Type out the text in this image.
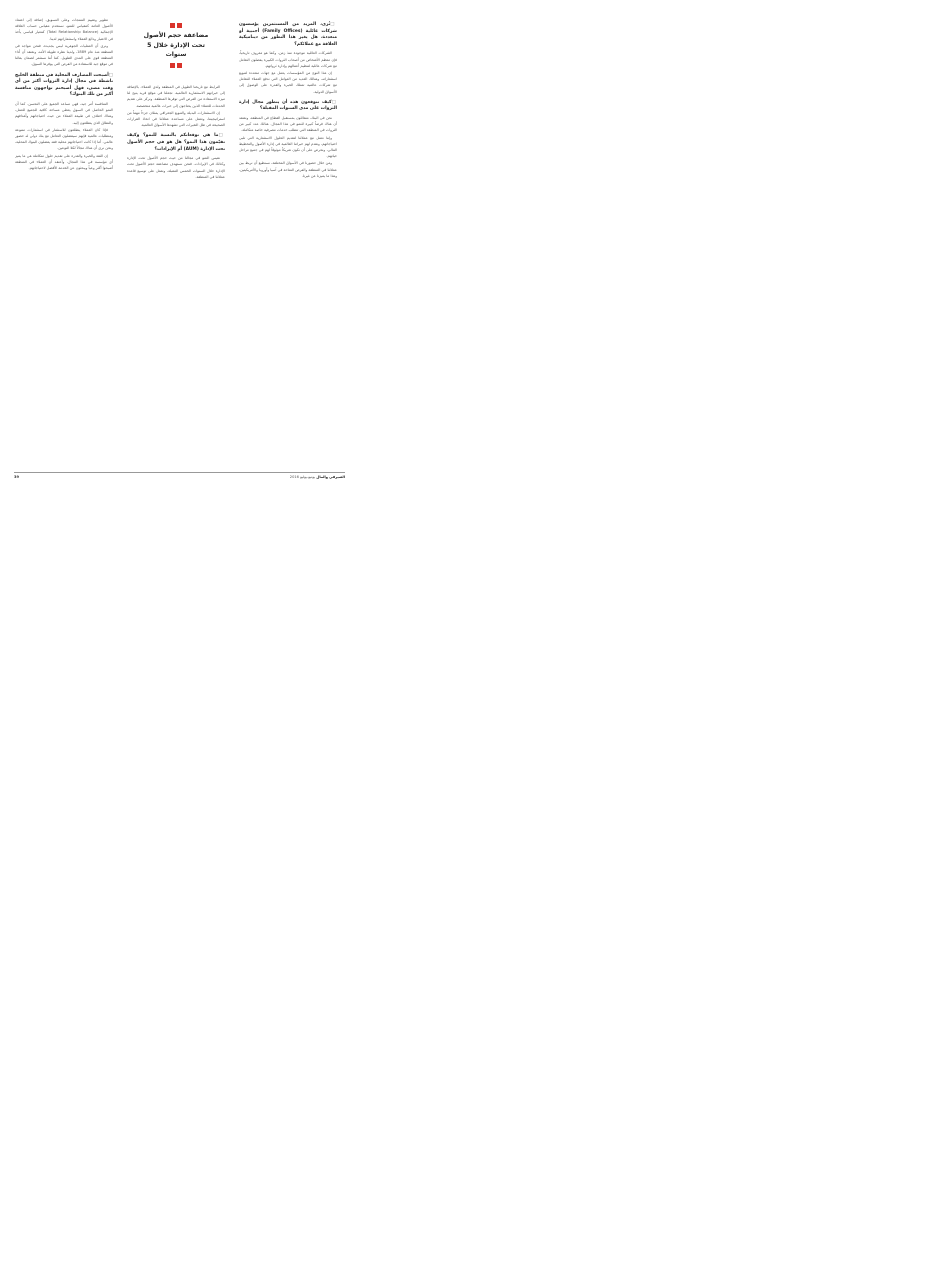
مضاعفة حجم الأصول تحت الإدارة خلال 5 سنوات

□ تُرى، المزيد من المستثمرين يؤسسون شركات عائلية (Family Offices) أجنبية أو متعددة، هل يغير هذا التطور من ديناميكية العلاقة مع عملائكم؟

الشركات العائلية موجودة منذ زمن، وكما هو معروف تاريخياً، فإن معظم الأشخاص من أصحاب الثروات الكبيرة يفضلون التعامل مع شركات عائلية لتنظيم أعمالهم وإدارة ثرواتهم.

إن هذا النوع من المؤسسات يعمل مع جهات متعددة لتنويع استثماراته، وهنالك العديد من العوامل التي تدفع العملاء للتعامل مع شركات عالمية تمتلك الخبرة والقدرة على الوصول إلى الأسواق الدولية.

□ كيف تتوقعون هذه أن يتطور مجال إدارة الثروات على مدى السنوات المقبلة؟

نحن في البنك، متفائلون بمستقبل القطاع في المنطقة، ونعتقد أن هناك فرصاً كبيرة للنمو في هذا المجال. هنالك عدد كبير من الثروات في المنطقة التي تتطلب خدمات مصرفية خاصة متكاملة.

وإننا نعمل مع عملائنا لتقديم الحلول الاستثمارية التي تلبي احتياجاتهم، ونقدم لهم خبراتنا العالمية في إدارة الأصول والتخطيط المالي، ونحرص على أن نكون شريكاً موثوقاً لهم في جميع مراحل حياتهم.

ومن خلال حضورنا في الأسواق المختلفة، نستطيع أن نربط بين عملائنا في المنطقة والفرص المتاحة في آسيا وأوروبا والأمريكيتين، وهذا ما يميزنا عن غيرنا.

الترابط مع تاريخنا الطويل في المنطقة ولدى العملاء، بالإضافة إلى خبراتهم الاستثمارية العالمية، تجعلنا في موقع فريد يتيح لنا ميزة الاستفادة من الفرص التي توفرها المنطقة. ونركز على تقديم الخدمات للعملاء الذين يحتاجون إلى خبرات عالمية متخصصة.

إن الاستثمارات البديلة والتنويع الجغرافي يمثلان جزءاً مهماً من استراتيجيتنا، ونعمل على مساعدة عملائنا في اتخاذ القرارات الصحيحة في ظل التغيرات التي تشهدها الأسواق العالمية.

□ ما هي توقعاتكم بالنسبة للنمو؟ وكيف تقيّمون هذا النمو؟ هل هو في حجم الأصول تحت الإدارة (AUM) أم الإيرادات؟

نقيس النمو في مجالنا من حيث حجم الأصول تحت الإدارة وكذلك في الإيرادات. فنحن نستهدف مضاعفة حجم الأصول تحت الإدارة خلال السنوات الخمس المقبلة، ونعمل على توسيع قاعدة عملائنا في المنطقة.

تطوير وتقييم المنتجات وعلى التسويق، إضافة إلى اعتماد الأصول العامة كمقياس للنمو، نستخدم مقياس حساب العلاقة الإجمالية (Total Relationship Balance) كمعيار قياسي يأخذ في الاعتبار ودائع العملاء واستثماراتهم لدينا.

ونرى أن العمليات الجوهرية ليس بجديدة، فنحن نتواجد في المنطقة منذ عام 1889، ولدينا نظرة طويلة الأمد، ونعتقد أن أداء المنطقة قوي على المدى الطويل. كما أننا نستثمر لضمان بقائنا في موقع جيد للاستفادة من الفرص التي يوفرها السوق.

□ أصبحت المصارف المحلية في منطقة الخليج ناشطة في مجال إدارة الثروات أكثر من أي وقت مضى، فهل أصبحتم تواجهون منافسة أكبر من تلك البنوك؟

المنافسة أمر جيد، فهي تساعد الجميع على التحسن. كما أن النمو الحاصل في السوق يعطي مساحة كافية للجميع للعمل، وهناك اختلاف في طبيعة العملاء من حيث احتياجاتهم وأهدافهم والنطاق الذي يتطلعون إليه.

فإذا كان العملاء يتطلعون للاستثمار في استثمارات متنوعة ومتطلبات عالمية فإنهم سيفضلون التعامل مع بنك دولي له حضور عالمي. أما إذا كانت احتياجاتهم محلية فقد يفضلون البنوك المحلية، ونحن نرى أن هناك مجالاً لكلا النوعين.

إن الثقة والخبرة والقدرة على تقديم حلول متكاملة هي ما يميز أي مؤسسة في هذا المجال، وأعتقد أن العملاء في المنطقة أصبحوا أكثر وعياً ويبحثون عن الخدمة الأفضل لاحتياجاتهم.

39	الصيرفي والمال يونيو-يوليو 2016
